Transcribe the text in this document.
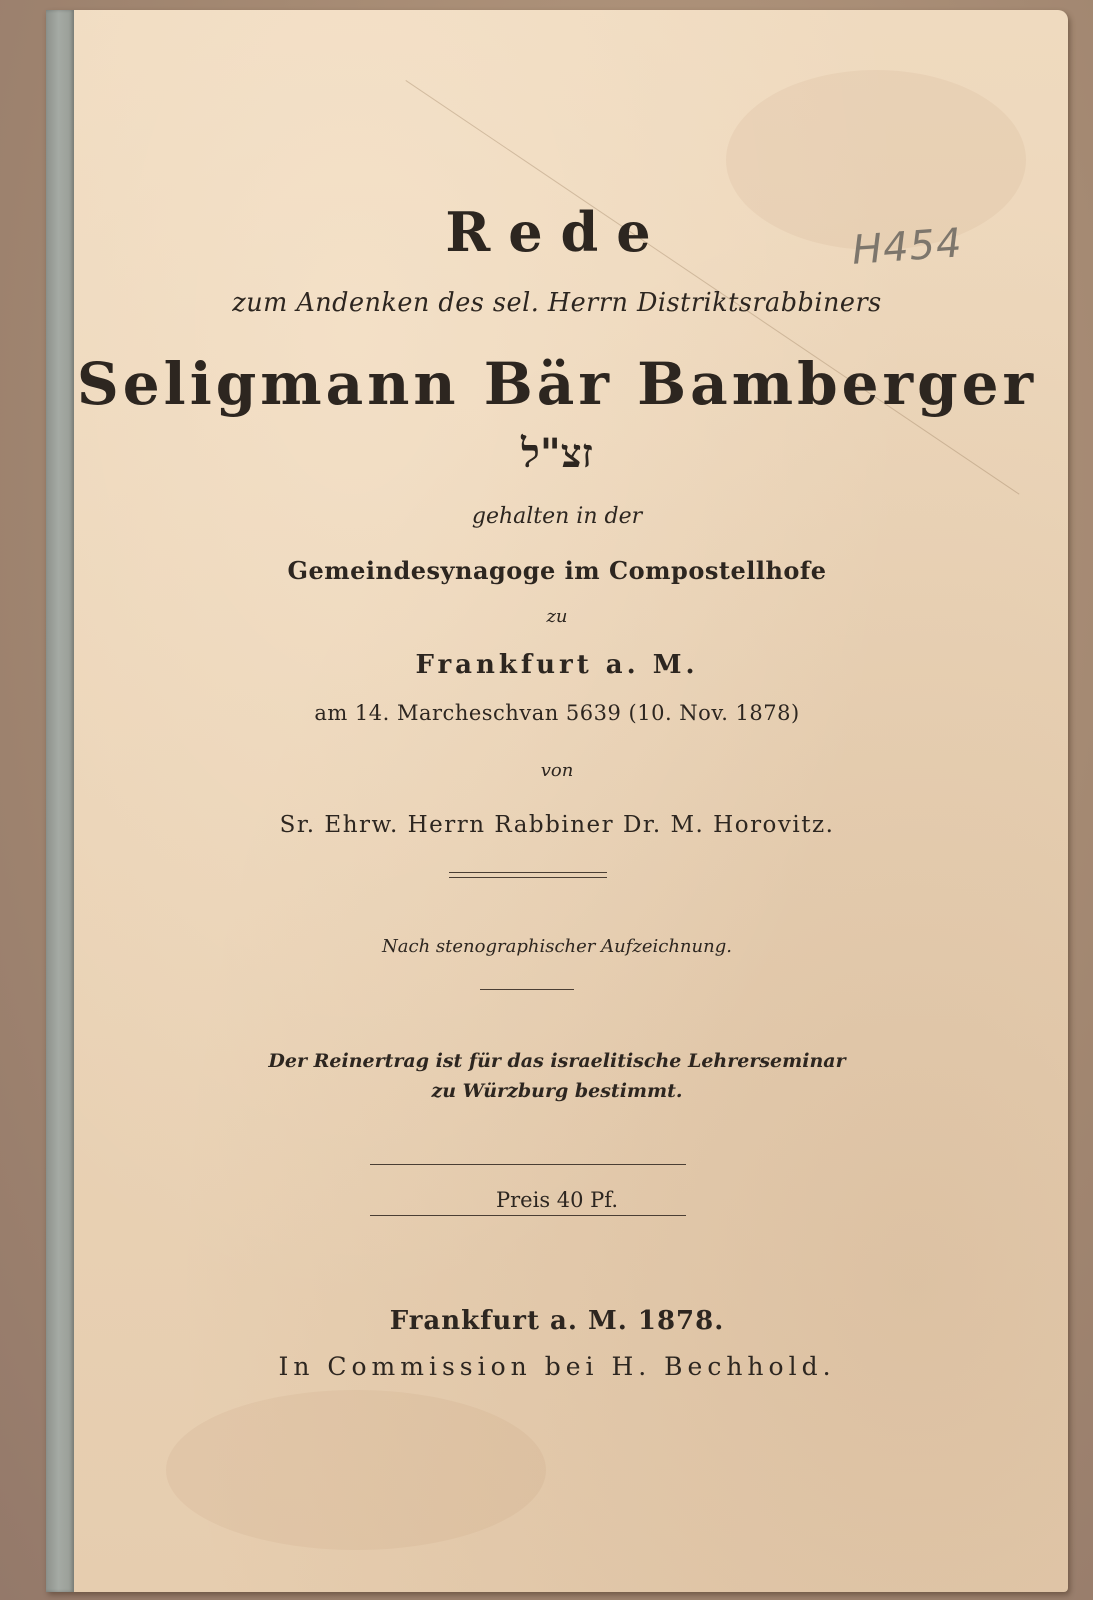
H454

Rede

zum Andenken des sel. Herrn Distriktsrabbiners

Seligmann Bär Bamberger

זצ"ל

gehalten in der

Gemeindesynagoge im Compostellhofe

zu

Frankfurt a. M.

am 14. Marcheschvan 5639 (10. Nov. 1878)

von

Sr. Ehrw. Herrn Rabbiner Dr. M. Horovitz.

Nach stenographischer Aufzeichnung.

Der Reinertrag ist für das israelitische Lehrerseminar

zu Würzburg bestimmt.

Preis 40 Pf.

Frankfurt a. M. 1878.

In Commission bei H. Bechhold.
